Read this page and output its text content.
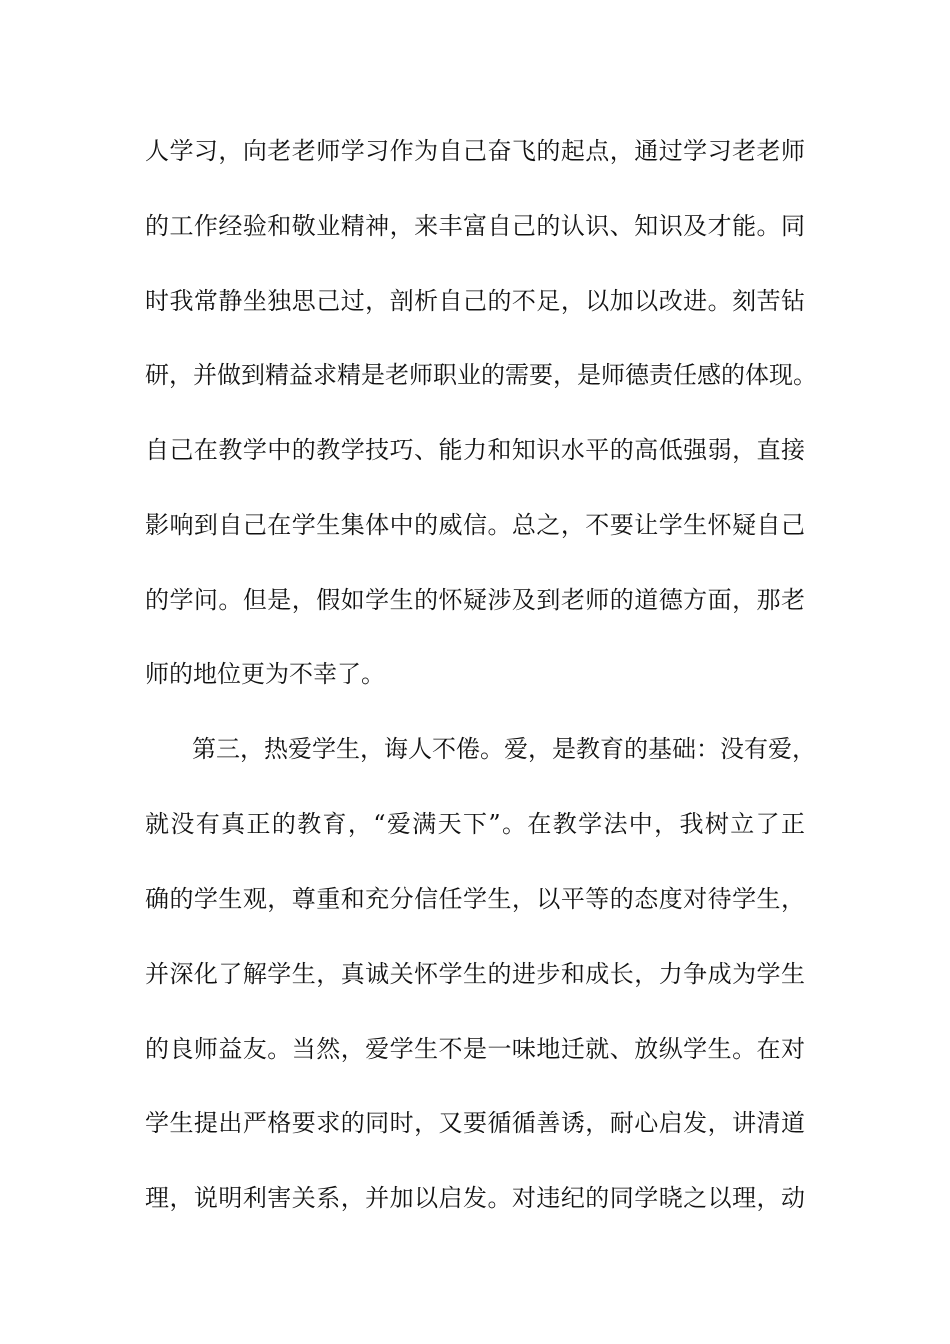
人学习，向老老师学习作为自己奋飞的起点，通过学习老老师
的工作经验和敬业精神，来丰富自己的认识、知识及才能。同
时我常静坐独思己过，剖析自己的不足，以加以改进。刻苦钻
研，并做到精益求精是老师职业的需要，是师德责任感的体现。
自己在教学中的教学技巧、能力和知识水平的高低强弱，直接
影响到自己在学生集体中的威信。总之，不要让学生怀疑自己
的学问。但是，假如学生的怀疑涉及到老师的道德方面，那老
师的地位更为不幸了。
第三，热爱学生，诲人不倦。爱，是教育的基础：没有爱，
就没有真正的教育，“爱满天下”。在教学法中，我树立了正
确的学生观，尊重和充分信任学生，以平等的态度对待学生，
并深化了解学生，真诚关怀学生的进步和成长，力争成为学生
的良师益友。当然，爱学生不是一味地迁就、放纵学生。在对
学生提出严格要求的同时，又要循循善诱，耐心启发，讲清道
理，说明利害关系，并加以启发。对违纪的同学晓之以理，动
